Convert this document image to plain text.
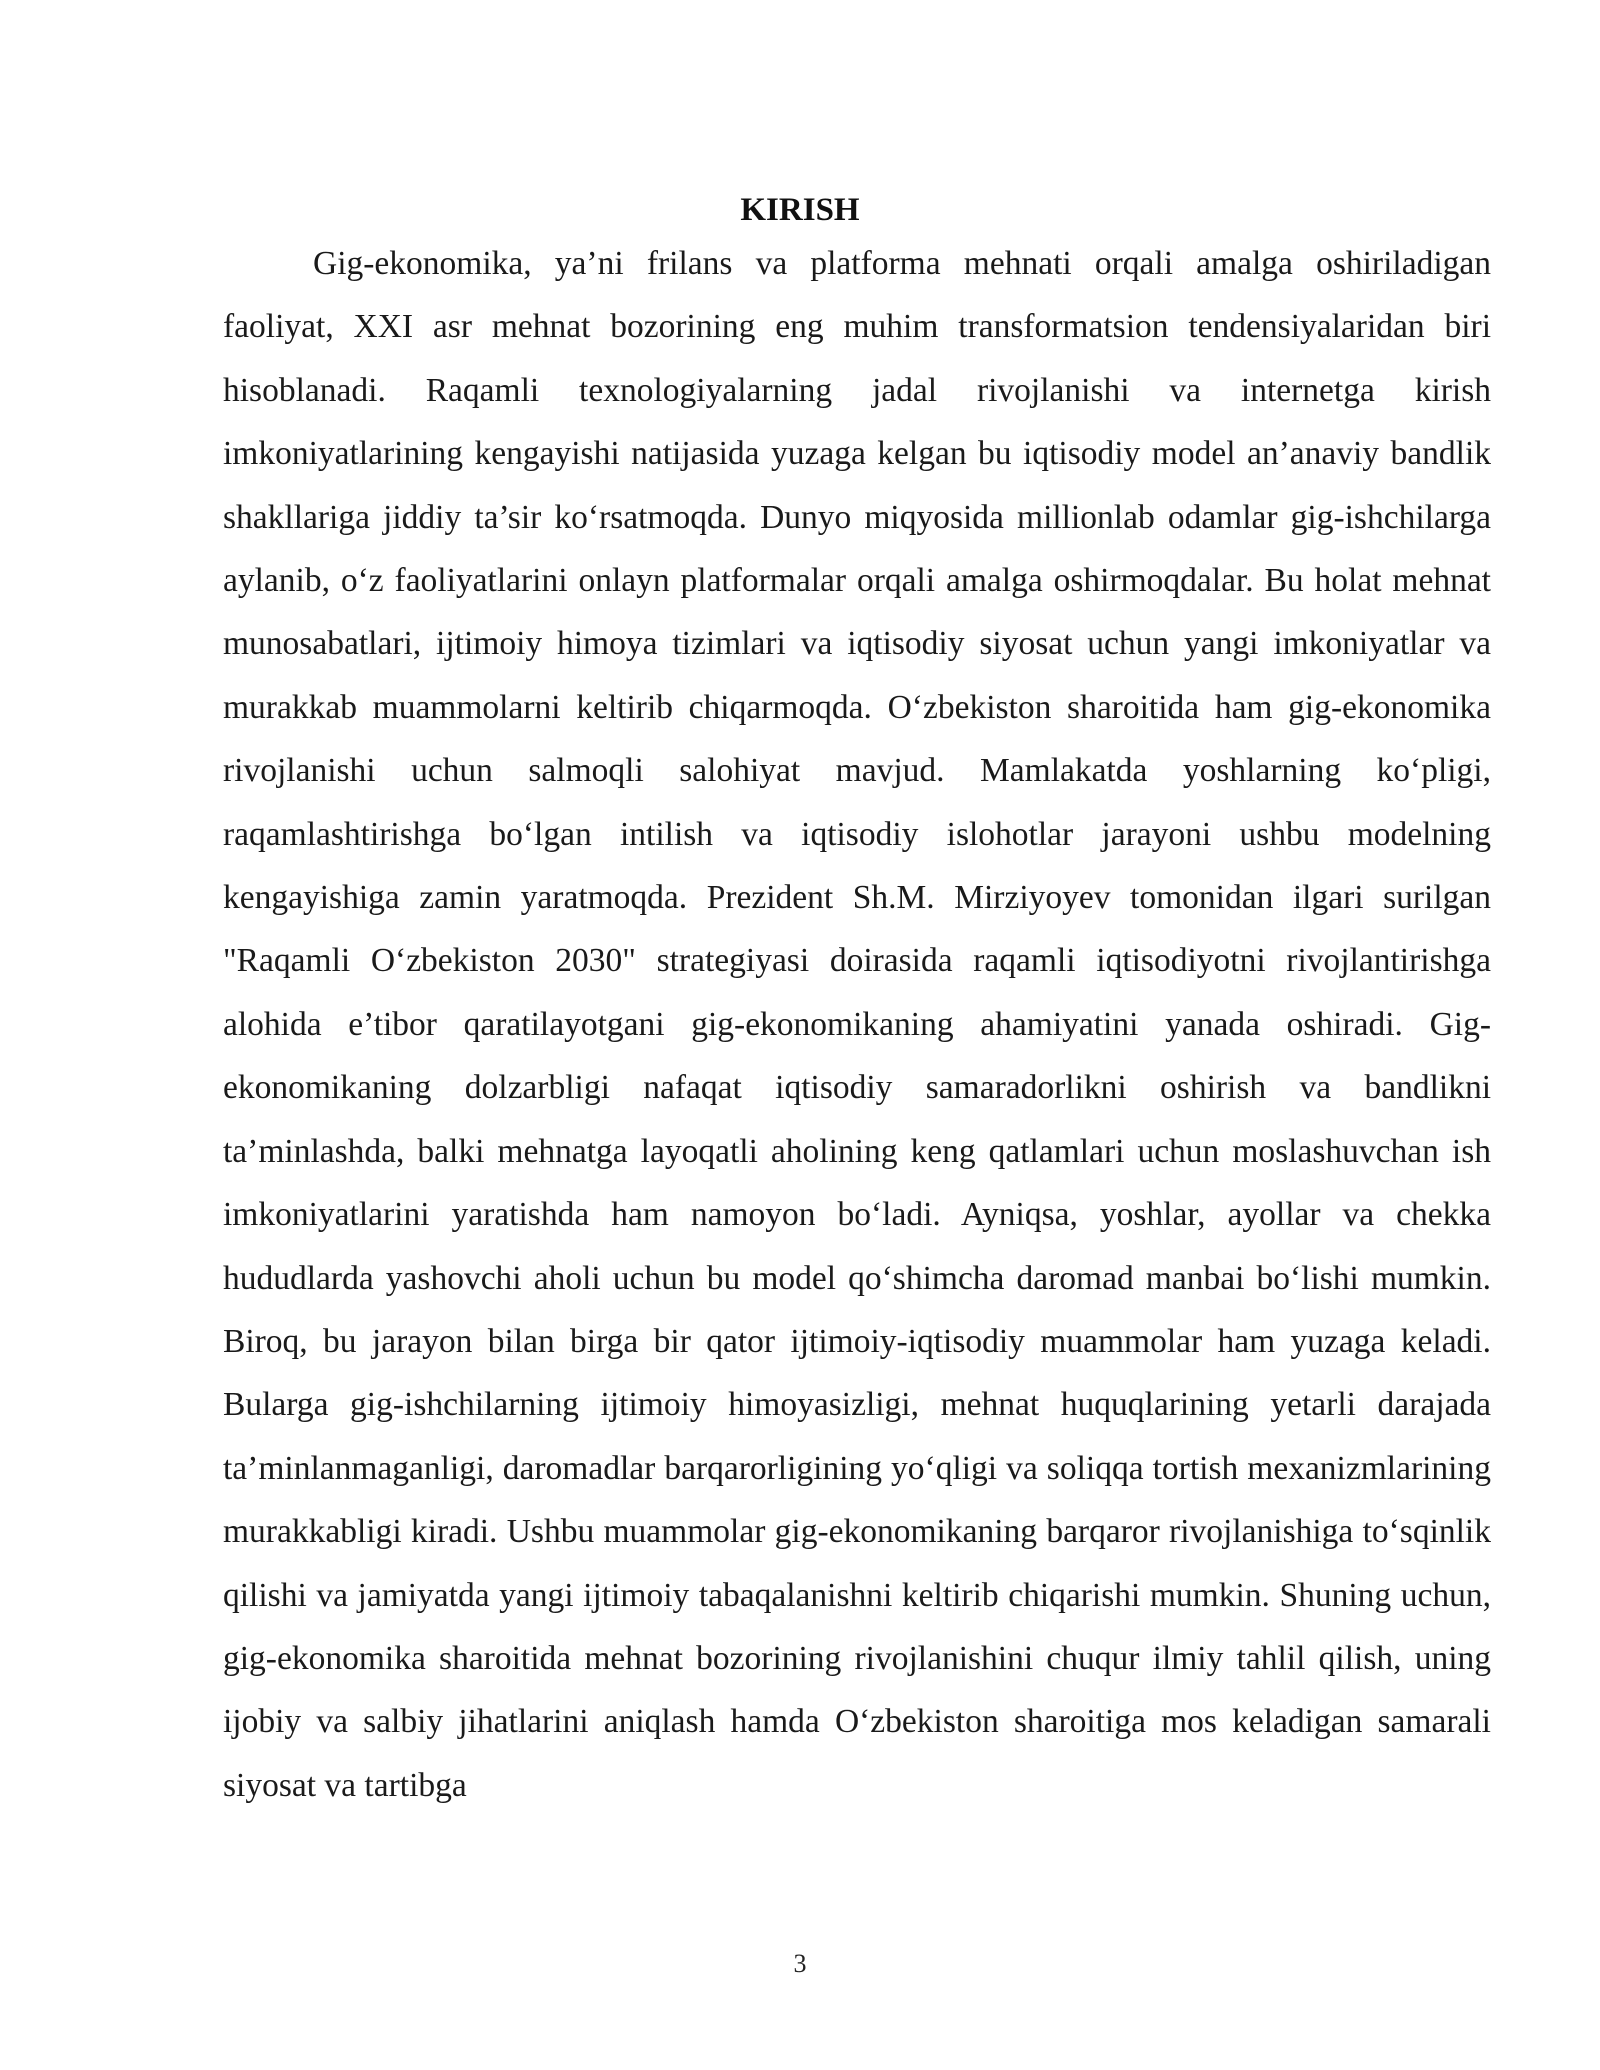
KIRISH

Gig-ekonomika, ya’ni frilans va platforma mehnati orqali amalga oshiriladigan faoliyat, XXI asr mehnat bozorining eng muhim transformatsion tendensiyalaridan biri hisoblanadi. Raqamli texnologiyalarning jadal rivojlanishi va internetga kirish imkoniyatlarining kengayishi natijasida yuzaga kelgan bu iqtisodiy model an’anaviy bandlik shakllariga jiddiy ta’sir ko‘rsatmoqda. Dunyo miqyosida millionlab odamlar gig-ishchilarga aylanib, o‘z faoliyatlarini onlayn platformalar orqali amalga oshirmoqdalar. Bu holat mehnat munosabatlari, ijtimoiy himoya tizimlari va iqtisodiy siyosat uchun yangi imkoniyatlar va murakkab muammolarni keltirib chiqarmoqda. O‘zbekiston sharoitida ham gig-ekonomika rivojlanishi uchun salmoqli salohiyat mavjud. Mamlakatda yoshlarning ko‘pligi, raqamlashtirishga bo‘lgan intilish va iqtisodiy islohotlar jarayoni ushbu modelning kengayishiga zamin yaratmoqda. Prezident Sh.M. Mirziyoyev tomonidan ilgari surilgan "Raqamli O‘zbekiston 2030" strategiyasi doirasida raqamli iqtisodiyotni rivojlantirishga alohida e’tibor qaratilayotgani gig-ekonomikaning ahamiyatini yanada oshiradi. Gig-ekonomikaning dolzarbligi nafaqat iqtisodiy samaradorlikni oshirish va bandlikni ta’minlashda, balki mehnatga layoqatli aholining keng qatlamlari uchun moslashuvchan ish imkoniyatlarini yaratishda ham namoyon bo‘ladi. Ayniqsa, yoshlar, ayollar va chekka hududlarda yashovchi aholi uchun bu model qo‘shimcha daromad manbai bo‘lishi mumkin. Biroq, bu jarayon bilan birga bir qator ijtimoiy-iqtisodiy muammolar ham yuzaga keladi. Bularga gig-ishchilarning ijtimoiy himoyasizligi, mehnat huquqlarining yetarli darajada ta’minlanmaganligi, daromadlar barqarorligining yo‘qligi va soliqqa tortish mexanizmlarining murakkabligi kiradi. Ushbu muammolar gig-ekonomikaning barqaror rivojlanishiga to‘sqinlik qilishi va jamiyatda yangi ijtimoiy tabaqalanishni keltirib chiqarishi mumkin. Shuning uchun, gig-ekonomika sharoitida mehnat bozorining rivojlanishini chuqur ilmiy tahlil qilish, uning ijobiy va salbiy jihatlarini aniqlash hamda O‘zbekiston sharoitiga mos keladigan samarali siyosat va tartibga

3
